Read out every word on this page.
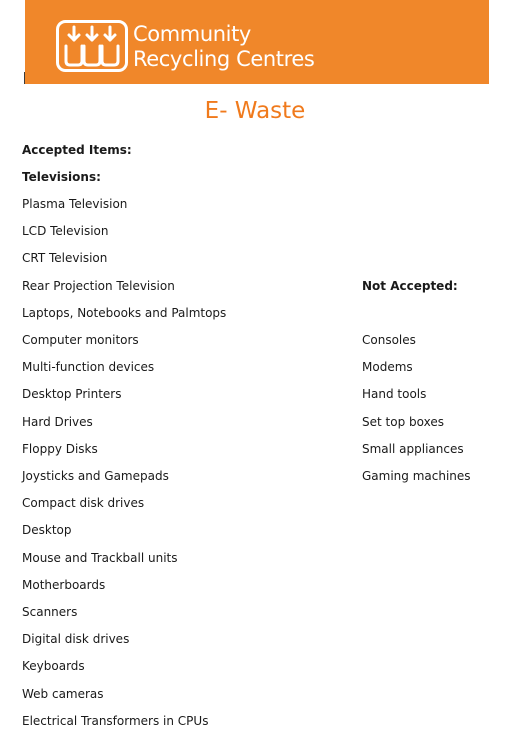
Community
Recycling Centres
E- Waste

Accepted Items:

Televisions:

Plasma Television

LCD Television

CRT Television

Rear Projection Television

Laptops, Notebooks and Palmtops

Computer monitors

Multi-function devices

Desktop Printers

Hard Drives

Floppy Disks

Joysticks and Gamepads

Compact disk drives

Desktop

Mouse and Trackball units

Motherboards

Scanners

Digital disk drives

Keyboards

Web cameras

Electrical Transformers in CPUs

Not Accepted:

Consoles

Modems

Hand tools

Set top boxes

Small appliances

Gaming machines
